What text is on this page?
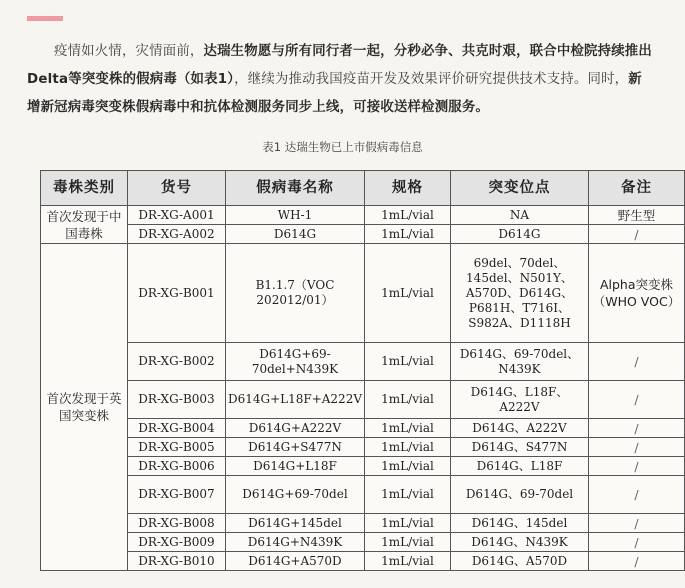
疫情如火情，灾情面前，达瑞生物愿与所有同行者一起，分秒必争、共克时艰，联合中检院持续推出Delta等突变株的假病毒（如表1），继续为推动我国疫苗开发及效果评价研究提供技术支持。同时，新增新冠病毒突变株假病毒中和抗体检测服务同步上线，可接收送样检测服务。

表1 达瑞生物已上市假病毒信息
毒株类别	货号	假病毒名称	规格	突变位点	备注
首次发现于中国毒株	DR-XG-A001	WH-1	1mL/vial	NA	野生型
	DR-XG-A002	D614G	1mL/vial	D614G	/
首次发现于英国突变株	DR-XG-B001	B1.1.7（VOC 202012/01）	1mL/vial	69del、70del、145del、N501Y、A570D、D614G、P681H、T716I、S982A、D1118H	Alpha突变株（WHO VOC）
	DR-XG-B002	D614G+69-70del+N439K	1mL/vial	D614G、69-70del、N439K	/
	DR-XG-B003	D614G+L18F+A222V	1mL/vial	D614G、L18F、A222V	/
	DR-XG-B004	D614G+A222V	1mL/vial	D614G、A222V	/
	DR-XG-B005	D614G+S477N	1mL/vial	D614G、S477N	/
	DR-XG-B006	D614G+L18F	1mL/vial	D614G、L18F	/
	DR-XG-B007	D614G+69-70del	1mL/vial	D614G、69-70del	/
	DR-XG-B008	D614G+145del	1mL/vial	D614G、145del	/
	DR-XG-B009	D614G+N439K	1mL/vial	D614G、N439K	/
	DR-XG-B010	D614G+A570D	1mL/vial	D614G、A570D	/
